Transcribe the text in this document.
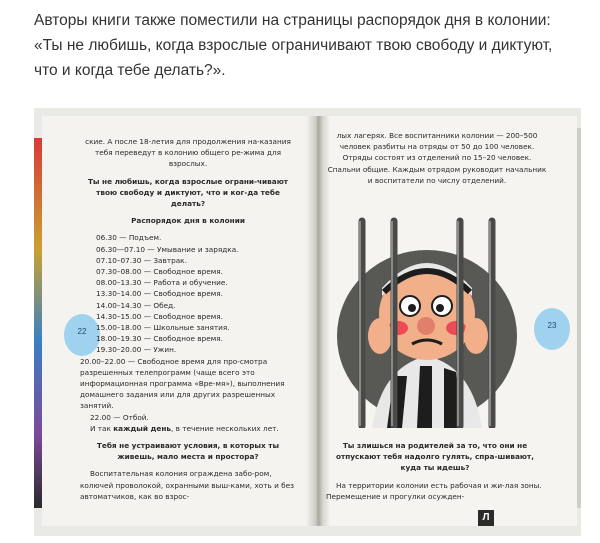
Авторы книги также поместили на страницы распорядок дня в колонии: «Ты не любишь, когда взрослые ограничивают твою свободу и диктуют, что и когда тебе делать?».
22
23

ские. А после 18-летия для продолжения на-казания тебя переведут в колонию общего ре-жима для взрослых.

Ты не любишь, когда взрослые ограни-чивают твою свободу и диктуют, что и ког-да тебе делать?

Распорядок дня в колонии

06.30 — Подъем.
06.30—07.10 — Умывание и зарядка.
07.10–07.30 — Завтрак.
07.30–08.00 — Свободное время.
08.00–13.30 — Работа и обучение.
13.30–14.00 — Свободное время.
14.00–14.30 — Обед.
14.30–15.00 — Свободное время.
15.00–18.00 — Школьные занятия.
18.00–19.30 — Свободное время.
19.30–20.00 — Ужин.

20.00–22.00 — Свободное время для про-смотра разрешенных телепрограмм (чаще всего это информационная программа «Вре-мя»), выполнения домашнего задания или для других разрешенных занятий.

22.00 — Отбой.

И так каждый день, в течение нескольких лет.

Тебя не устраивают условия, в которых ты живешь, мало места и простора?

Воспитательная колония ограждена забо-ром, колючей проволокой, охранными выш-ками, хоть и без автоматчиков, как во взрос-

лых лагерях. Все воспитанники колонии — 200–500 человек разбиты на отряды от 50 до 100 человек. Отряды состоят из отделений по 15–20 человек. Спальни общие. Каждым отрядом руководит начальник и воспитатели по числу отделений.

Ты злишься на родителей за то, что они не отпускают тебя надолго гулять, спра-шивают, куда ты идешь?

На территории колонии есть рабочая и жи-лая зоны. Перемещение и прогулки осужден-

Л
